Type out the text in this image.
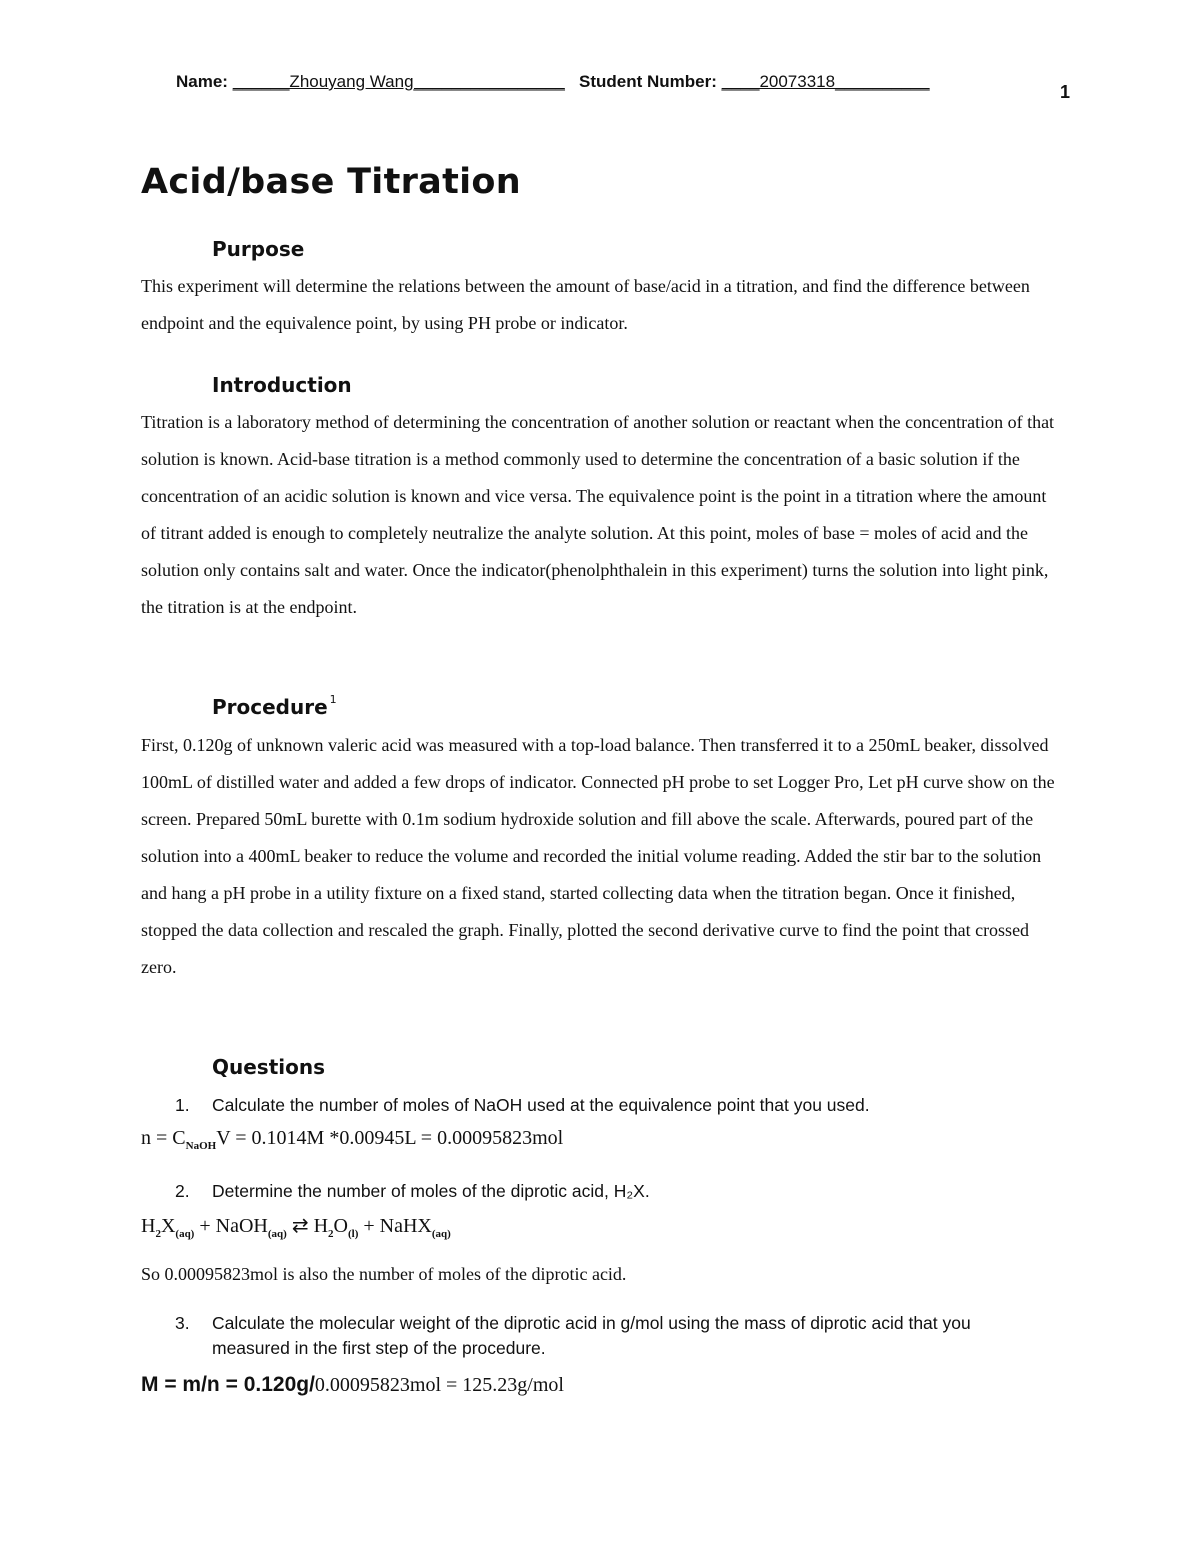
Name: ______Zhouyang Wang________________ Student Number: ____20073318__________
1
Acid/base Titration
Purpose

This experiment will determine the relations between the amount of base/acid in a titration, and find the difference between endpoint and the equivalence point, by using PH probe or indicator.

Introduction

Titration is a laboratory method of determining the concentration of another solution or reactant when the concentration of that solution is known. Acid-base titration is a method commonly used to determine the concentration of a basic solution if the concentration of an acidic solution is known and vice versa. The equivalence point is the point in a titration where the amount of titrant added is enough to completely neutralize the analyte solution. At this point, moles of base = moles of acid and the solution only contains salt and water. Once the indicator(phenolphthalein in this experiment) turns the solution into light pink, the titration is at the endpoint.

Procedure $^1$

First, 0.120g of unknown valeric acid was measured with a top-load balance. Then transferred it to a 250mL beaker, dissolved 100mL of distilled water and added a few drops of indicator. Connected pH probe to set Logger Pro, Let pH curve show on the screen. Prepared 50mL burette with 0.1m sodium hydroxide solution and fill above the scale. Afterwards, poured part of the solution into a 400mL beaker to reduce the volume and recorded the initial volume reading. Added the stir bar to the solution and hang a pH probe in a utility fixture on a fixed stand, started collecting data when the titration began. Once it finished, stopped the data collection and rescaled the graph. Finally, plotted the second derivative curve to find the point that crossed zero.

Questions
1. Calculate the number of moles of NaOH used at the equivalence point that you used.
$n = C_{NaOH}V = 0.1014M$ *0.00945L = 0.00095823mol
2. Determine the number of moles of the diprotic acid, H₂X.
$H_2X_{(aq)}$ + NaOH$_{(aq)}$ ⇄ $H_2O_{(l)}$ + NaHX$_{(aq)}$
So 0.00095823mol is also the number of moles of the diprotic acid.
3. Calculate the molecular weight of the diprotic acid in g/mol using the mass of diprotic acid that you measured in the first step of the procedure.
M = m/n = 0.120g/0.00095823mol = 125.23g/mol
